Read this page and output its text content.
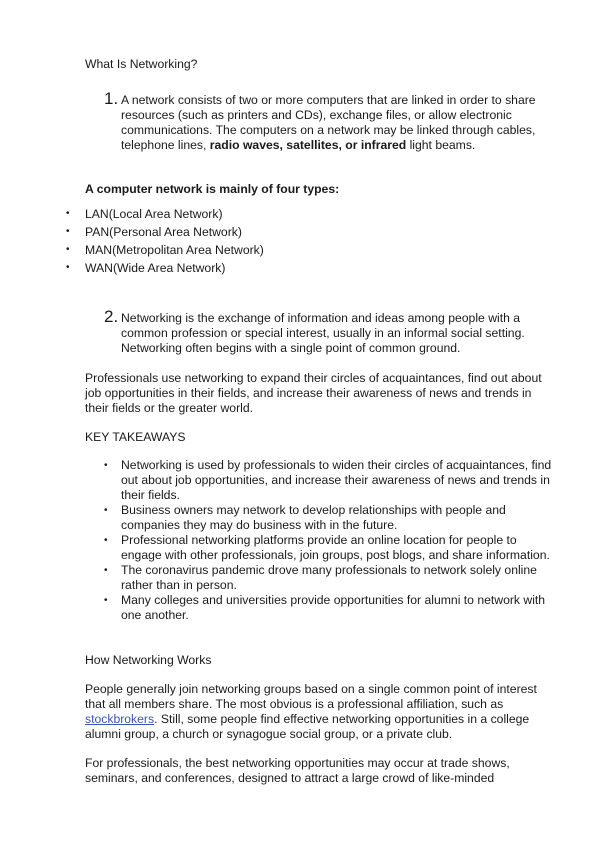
What Is Networking?
1. A network consists of two or more computers that are linked in order to share resources (such as printers and CDs), exchange files, or allow electronic communications. The computers on a network may be linked through cables, telephone lines, radio waves, satellites, or infrared light beams.
A computer network is mainly of four types:
• LAN(Local Area Network)
• PAN(Personal Area Network)
• MAN(Metropolitan Area Network)
• WAN(Wide Area Network)
2. Networking is the exchange of information and ideas among people with a common profession or special interest, usually in an informal social setting. Networking often begins with a single point of common ground.
Professionals use networking to expand their circles of acquaintances, find out about job opportunities in their fields, and increase their awareness of news and trends in their fields or the greater world.
KEY TAKEAWAYS
• Networking is used by professionals to widen their circles of acquaintances, find out about job opportunities, and increase their awareness of news and trends in their fields.
• Business owners may network to develop relationships with people and companies they may do business with in the future.
• Professional networking platforms provide an online location for people to engage with other professionals, join groups, post blogs, and share information.
• The coronavirus pandemic drove many professionals to network solely online rather than in person.
• Many colleges and universities provide opportunities for alumni to network with one another.
How Networking Works
People generally join networking groups based on a single common point of interest that all members share. The most obvious is a professional affiliation, such as stockbrokers. Still, some people find effective networking opportunities in a college alumni group, a church or synagogue social group, or a private club.
For professionals, the best networking opportunities may occur at trade shows, seminars, and conferences, designed to attract a large crowd of like-minded
